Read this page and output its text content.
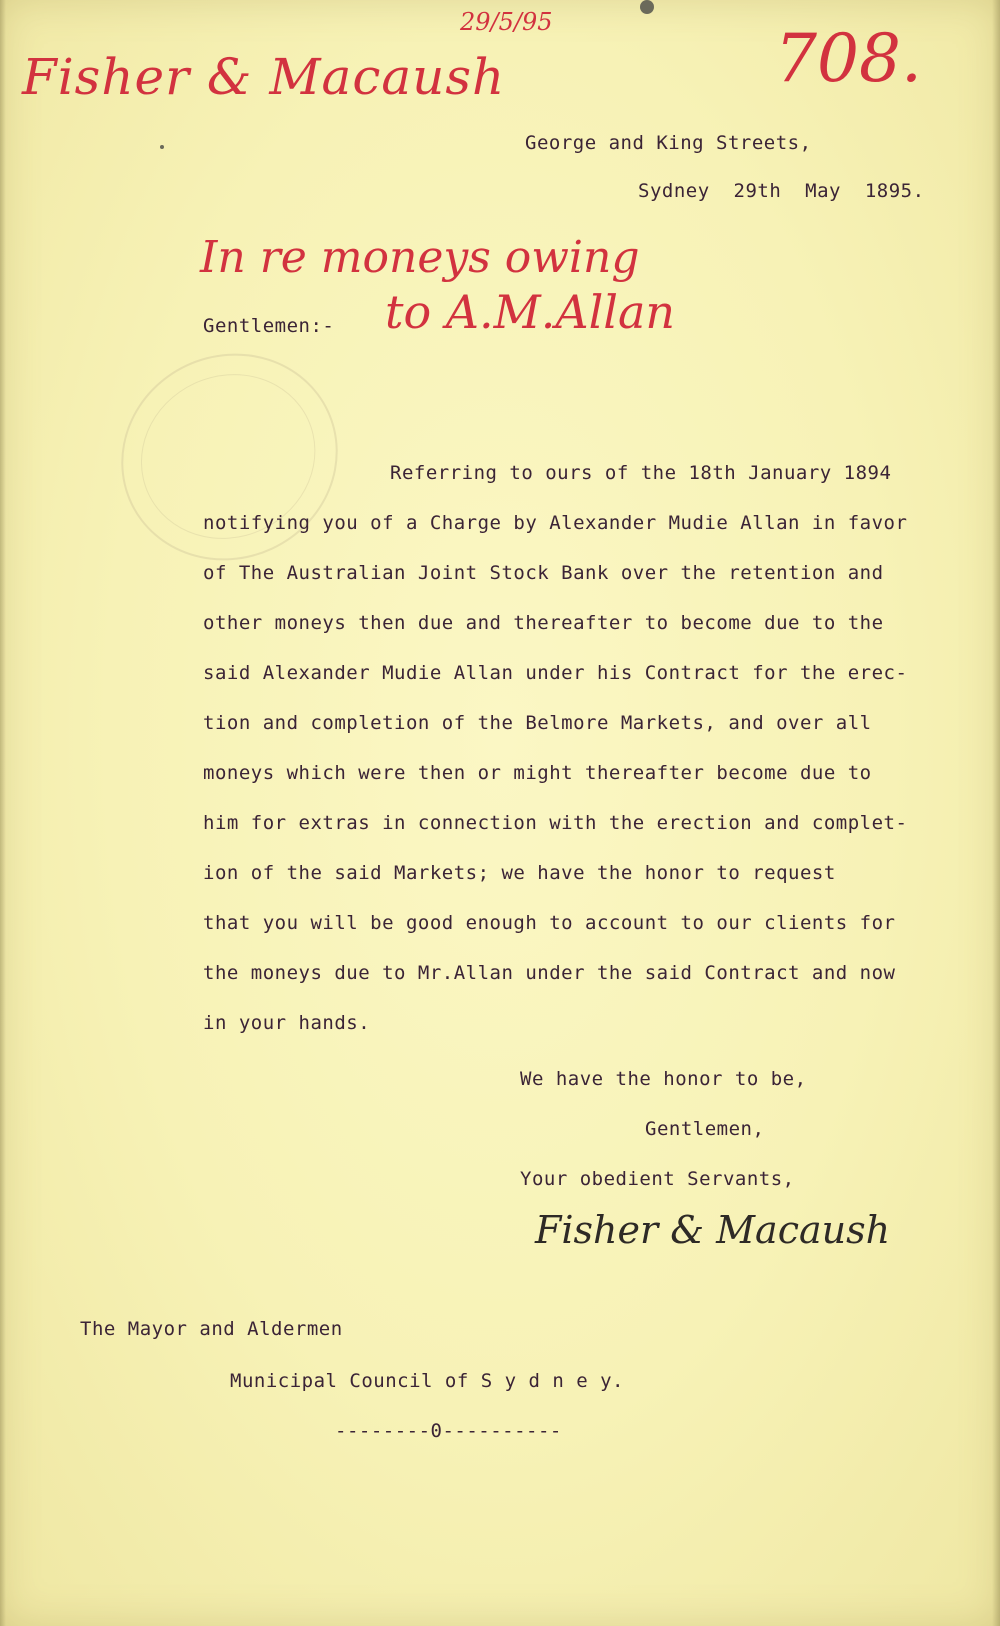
29/5/95
Fisher & Macaush	708.
George and King Streets,
Sydney  29th  May  1895.
In re moneys owing
Gentlemen:- to A.M.Allan
Referring to ours of the 18th January 1894
notifying you of a Charge by Alexander Mudie Allan in favor
of The Australian Joint Stock Bank over the retention and
other moneys then due and thereafter to become due to the
said Alexander Mudie Allan under his Contract for the erec-
tion and completion of the Belmore Markets, and over all
moneys which were then or might thereafter become due to
him for extras in connection with the erection and complet-
ion of the said Markets; we have the honor to request
that you will be good enough to account to our clients for
the moneys due to Mr.Allan under the said Contract and now
in your hands.
We have the honor to be,
Gentlemen,
Your obedient Servants,
Fisher & Macaush
The Mayor and Aldermen
Municipal Council of S y d n e y.
--------0----------
